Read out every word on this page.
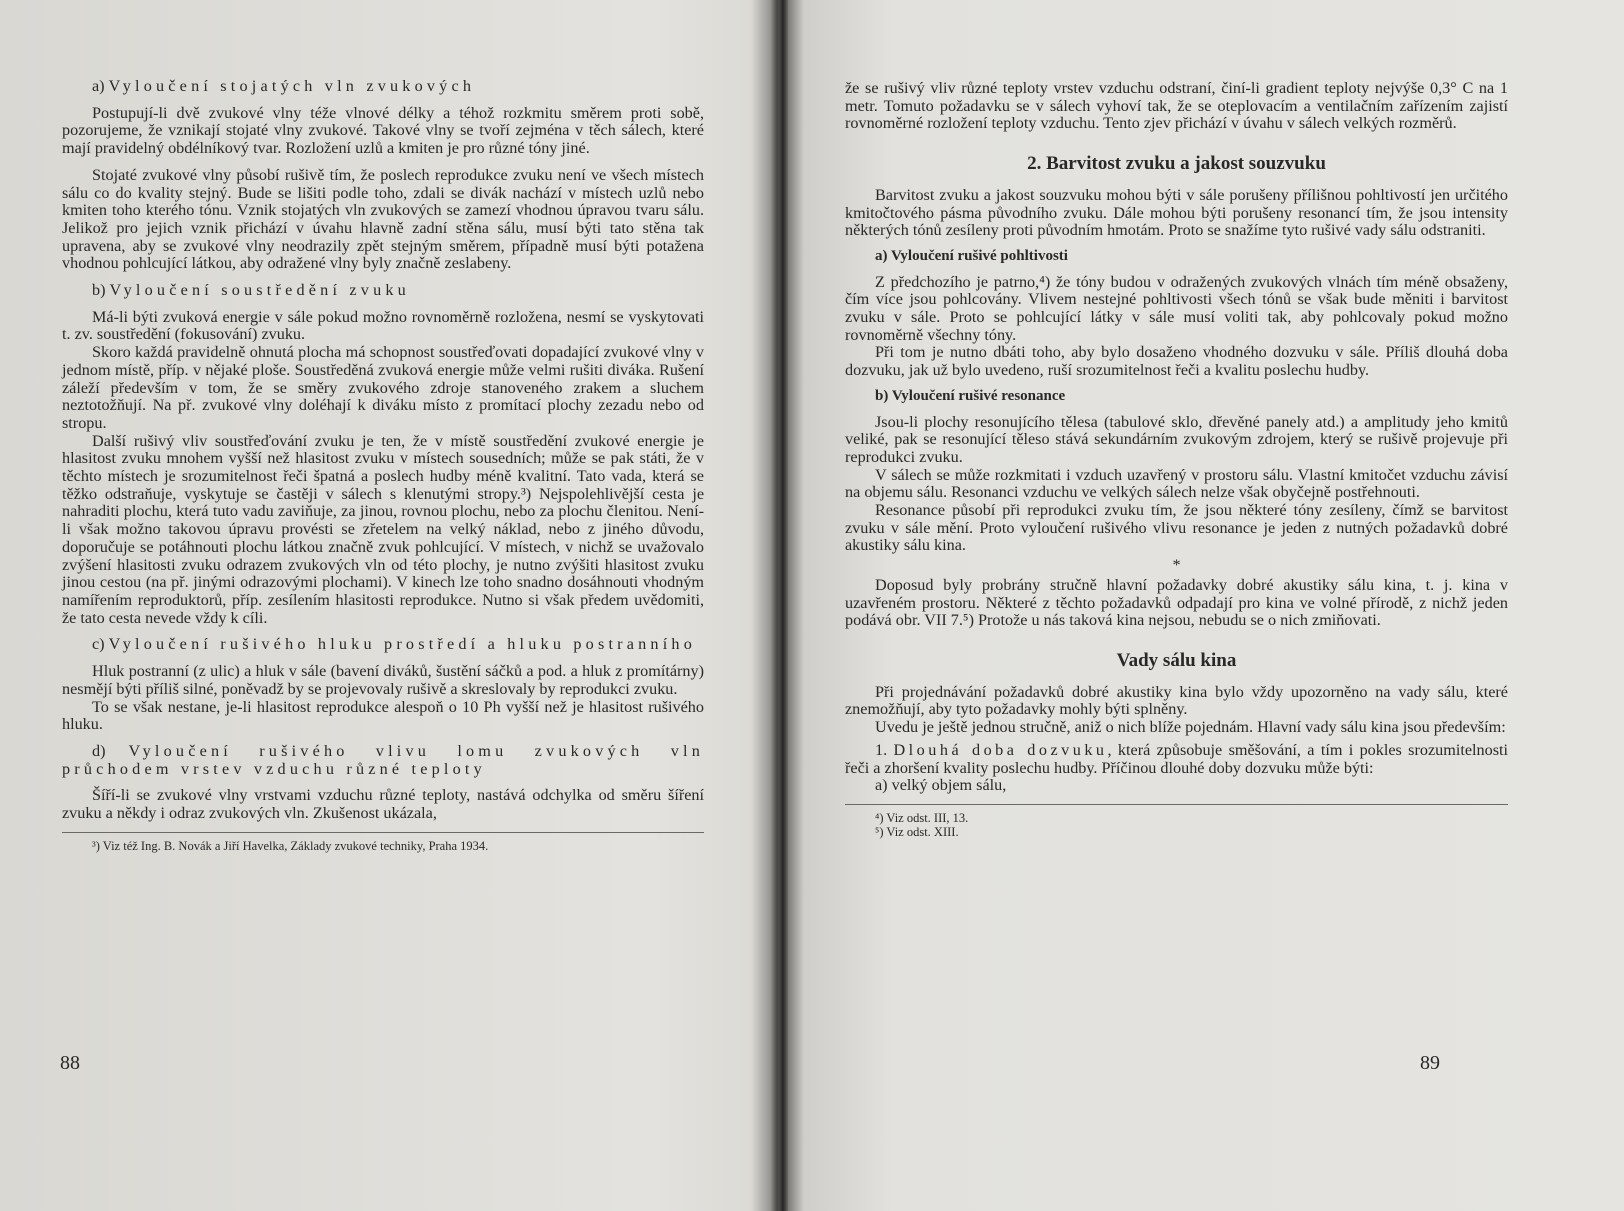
a) Vyloučení stojatých vln zvukových

Postupují-li dvě zvukové vlny téže vlnové délky a téhož rozkmitu směrem proti sobě, pozorujeme, že vznikají stojaté vlny zvukové. Takové vlny se tvoří zejména v těch sálech, které mají pravidelný obdélníkový tvar. Rozložení uzlů a kmiten je pro různé tóny jiné.

Stojaté zvukové vlny působí rušivě tím, že poslech reprodukce zvuku není ve všech místech sálu co do kvality stejný. Bude se lišiti podle toho, zdali se divák nachází v místech uzlů nebo kmiten toho kterého tónu. Vznik stojatých vln zvukových se zamezí vhodnou úpravou tvaru sálu. Jelikož pro jejich vznik přichází v úvahu hlavně zadní stěna sálu, musí býti tato stěna tak upravena, aby se zvukové vlny neodrazily zpět stejným směrem, případně musí býti potažena vhodnou pohlcující látkou, aby odražené vlny byly značně zeslabeny.

b) Vyloučení soustředění zvuku

Má-li býti zvuková energie v sále pokud možno rovnoměrně rozložena, nesmí se vyskytovati t. zv. soustředění (fokusování) zvuku.

Skoro každá pravidelně ohnutá plocha má schopnost soustřeďovati dopadající zvukové vlny v jednom místě, příp. v nějaké ploše. Soustředěná zvuková energie může velmi rušiti diváka. Rušení záleží především v tom, že se směry zvukového zdroje stanoveného zrakem a sluchem neztotožňují. Na př. zvukové vlny doléhají k diváku místo z promítací plochy zezadu nebo od stropu.

Další rušivý vliv soustřeďování zvuku je ten, že v místě soustředění zvukové energie je hlasitost zvuku mnohem vyšší než hlasitost zvuku v místech sousedních; může se pak státi, že v těchto místech je srozumitelnost řeči špatná a poslech hudby méně kvalitní. Tato vada, která se těžko odstraňuje, vyskytuje se častěji v sálech s klenutými stropy.³) Nejspolehlivější cesta je nahraditi plochu, která tuto vadu zaviňuje, za jinou, rovnou plochu, nebo za plochu členitou. Není-li však možno takovou úpravu provésti se zřetelem na velký náklad, nebo z jiného důvodu, doporučuje se potáhnouti plochu látkou značně zvuk pohlcující. V místech, v nichž se uvažovalo zvýšení hlasitosti zvuku odrazem zvukových vln od této plochy, je nutno zvýšiti hlasitost zvuku jinou cestou (na př. jinými odrazovými plochami). V kinech lze toho snadno dosáhnouti vhodným namířením reproduktorů, příp. zesílením hlasitosti reprodukce. Nutno si však předem uvědomiti, že tato cesta nevede vždy k cíli.

c) Vyloučení rušivého hluku prostředí a hluku postranního

Hluk postranní (z ulic) a hluk v sále (bavení diváků, šustění sáčků a pod. a hluk z promítárny) nesmějí býti příliš silné, poněvadž by se projevovaly rušivě a skreslovaly by reprodukci zvuku.

To se však nestane, je-li hlasitost reprodukce alespoň o 10 Ph vyšší než je hlasitost rušivého hluku.

d) Vyloučení rušivého vlivu lomu zvukových vln průchodem vrstev vzduchu různé teploty

Šíří-li se zvukové vlny vrstvami vzduchu různé teploty, nastává odchylka od směru šíření zvuku a někdy i odraz zvukových vln. Zkušenost ukázala,

³) Viz též Ing. B. Novák a Jiří Havelka, Základy zvukové techniky, Praha 1934.

88

že se rušivý vliv různé teploty vrstev vzduchu odstraní, činí-li gradient teploty nejvýše 0,3° C na 1 metr. Tomuto požadavku se v sálech vyhoví tak, že se oteplovacím a ventilačním zařízením zajistí rovnoměrné rozložení teploty vzduchu. Tento zjev přichází v úvahu v sálech velkých rozměrů.

2. Barvitost zvuku a jakost souzvuku

Barvitost zvuku a jakost souzvuku mohou býti v sále porušeny přílišnou pohltivostí jen určitého kmitočtového pásma původního zvuku. Dále mohou býti porušeny resonancí tím, že jsou intensity některých tónů zesíleny proti původním hmotám. Proto se snažíme tyto rušivé vady sálu odstraniti.

a) Vyloučení rušivé pohltivosti

Z předchozího je patrno,⁴) že tóny budou v odražených zvukových vlnách tím méně obsaženy, čím více jsou pohlcovány. Vlivem nestejné pohltivosti všech tónů se však bude měniti i barvitost zvuku v sále. Proto se pohlcující látky v sále musí voliti tak, aby pohlcovaly pokud možno rovnoměrně všechny tóny.

Při tom je nutno dbáti toho, aby bylo dosaženo vhodného dozvuku v sále. Příliš dlouhá doba dozvuku, jak už bylo uvedeno, ruší srozumitelnost řeči a kvalitu poslechu hudby.

b) Vyloučení rušivé resonance

Jsou-li plochy resonujícího tělesa (tabulové sklo, dřevěné panely atd.) a amplitudy jeho kmitů veliké, pak se resonující těleso stává sekundárním zvukovým zdrojem, který se rušivě projevuje při reprodukci zvuku.

V sálech se může rozkmitati i vzduch uzavřený v prostoru sálu. Vlastní kmitočet vzduchu závisí na objemu sálu. Resonanci vzduchu ve velkých sálech nelze však obyčejně postřehnouti.

Resonance působí při reprodukci zvuku tím, že jsou některé tóny zesíleny, čímž se barvitost zvuku v sále mění. Proto vyloučení rušivého vlivu resonance je jeden z nutných požadavků dobré akustiky sálu kina.

*

Doposud byly probrány stručně hlavní požadavky dobré akustiky sálu kina, t. j. kina v uzavřeném prostoru. Některé z těchto požadavků odpadají pro kina ve volné přírodě, z nichž jeden podává obr. VII 7.⁵) Protože u nás taková kina nejsou, nebudu se o nich zmiňovati.

Vady sálu kina

Při projednávání požadavků dobré akustiky kina bylo vždy upozorněno na vady sálu, které znemožňují, aby tyto požadavky mohly býti splněny.

Uvedu je ještě jednou stručně, aniž o nich blíže pojednám. Hlavní vady sálu kina jsou především:

1. Dlouhá doba dozvuku, která způsobuje směšování, a tím i pokles srozumitelnosti řeči a zhoršení kvality poslechu hudby. Příčinou dlouhé doby dozvuku může býti:

a) velký objem sálu,

⁴) Viz odst. III, 13.

⁵) Viz odst. XIII.

89
